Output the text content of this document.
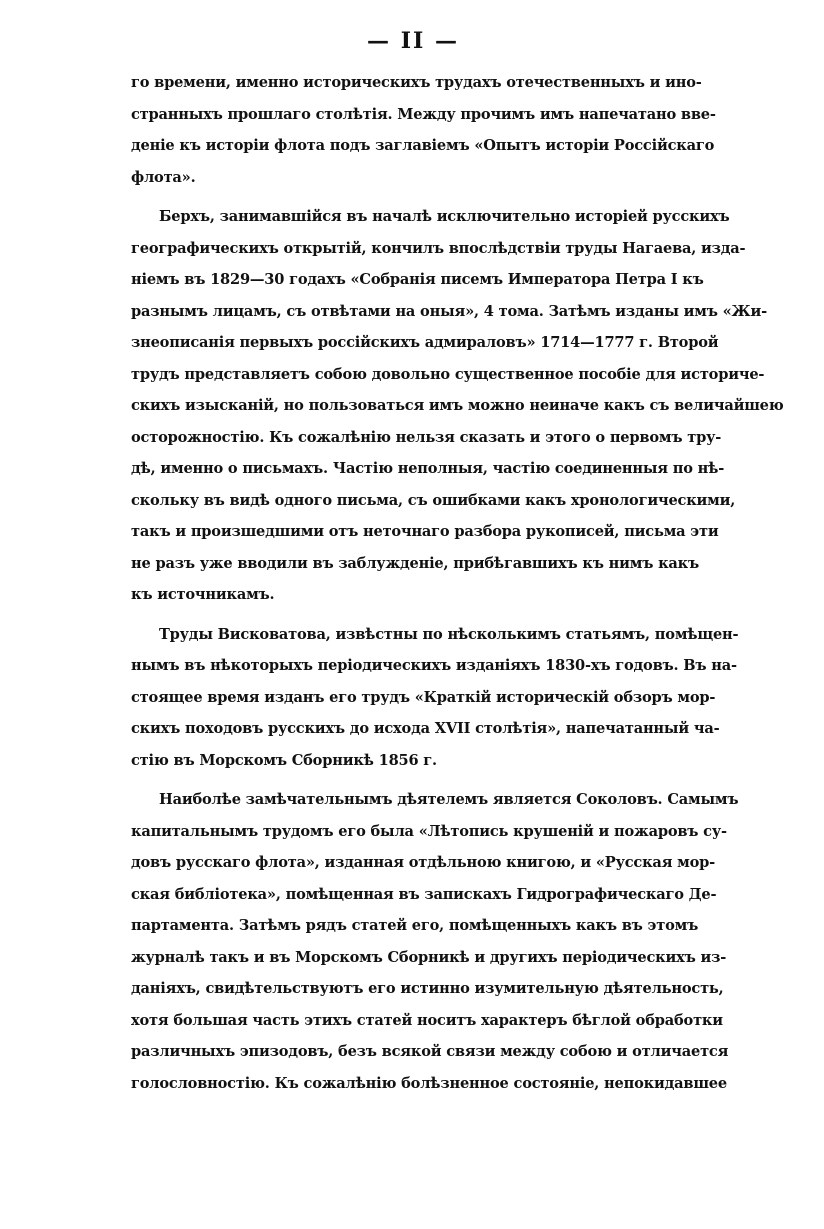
— II —
го времени, именно историческихъ трудахъ отечественныхъ и ино-
странныхъ прошлаго столѣтія. Между прочимъ имъ напечатано вве-
деніе къ исторіи флота подъ заглавіемъ «Опытъ исторіи Россійскаго
флота».
Берхъ, занимавшійся въ началѣ исключительно исторіей русскихъ
географическихъ открытій, кончилъ впослѣдствіи труды Нагаева, изда-
ніемъ въ 1829—30 годахъ «Собранія писемъ Императора Петра I къ
разнымъ лицамъ, съ отвѣтами на оныя», 4 тома. Затѣмъ изданы имъ «Жи-
знеописанія первыхъ россійскихъ адмираловъ» 1714—1777 г. Второй
трудъ представляетъ собою довольно существенное пособіе для историче-
скихъ изысканій, но пользоваться имъ можно неиначе какъ съ величайшею
осторожностію. Къ сожалѣнію нельзя сказать и этого о первомъ тру-
дѣ, именно о письмахъ. Частію неполныя, частію соединенныя по нѣ-
скольку въ видѣ одного письма, съ ошибками какъ хронологическими,
такъ и произшедшими отъ неточнаго разбора рукописей, письма эти
не разъ уже вводили въ заблужденіе, прибѣгавшихъ къ нимъ какъ
къ источникамъ.
Труды Висковатова, извѣстны по нѣсколькимъ статьямъ, помѣщен-
нымъ въ нѣкоторыхъ періодическихъ изданіяхъ 1830-хъ годовъ. Въ на-
стоящее время изданъ его трудъ «Краткій историческій обзоръ мор-
скихъ походовъ русскихъ до исхода XVII столѣтія», напечатанный ча-
стію въ Морскомъ Сборникѣ 1856 г.
Наиболѣе замѣчательнымъ дѣятелемъ является Соколовъ. Самымъ
капитальнымъ трудомъ его была «Лѣтопись крушеній и пожаровъ су-
довъ русскаго флота», изданная отдѣльною книгою, и «Русская мор-
ская библіотека», помѣщенная въ запискахъ Гидрографическаго Де-
партамента. Затѣмъ рядъ статей его, помѣщенныхъ какъ въ этомъ
журналѣ такъ и въ Морскомъ Сборникѣ и другихъ періодическихъ из-
даніяхъ, свидѣтельствуютъ его истинно изумительную дѣятельность,
хотя большая часть этихъ статей носитъ характеръ бѣглой обработки
различныхъ эпизодовъ, безъ всякой связи между собою и отличается
голословностію. Къ сожалѣнію болѣзненное состояніе, непокидавшее
